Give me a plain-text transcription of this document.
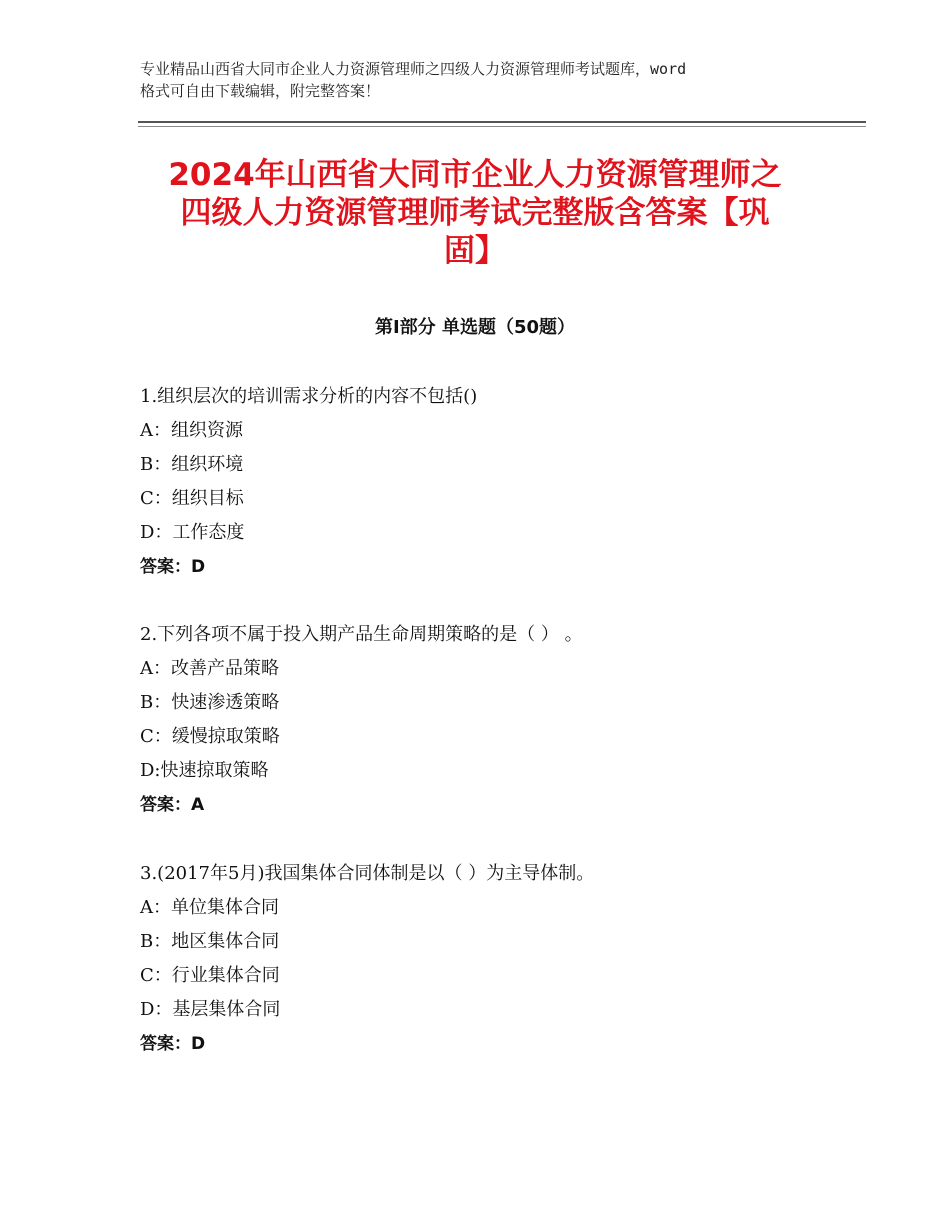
专业精品山西省大同市企业人力资源管理师之四级人力资源管理师考试题库，word
格式可自由下载编辑，附完整答案！
2024年山西省大同市企业人力资源管理师之
四级人力资源管理师考试完整版含答案【巩
固】
第Ⅰ部分 单选题（50题）
1.组织层次的培训需求分析的内容不包括()
A：组织资源
B：组织环境
C：组织目标
D：工作态度
答案：D
2.下列各项不属于投入期产品生命周期策略的是（ ） 。
A：改善产品策略
B：快速渗透策略
C：缓慢掠取策略
D:快速掠取策略
答案：A
3.(2017年5月)我国集体合同体制是以（ ）为主导体制。
A：单位集体合同
B：地区集体合同
C：行业集体合同
D：基层集体合同
答案：D
